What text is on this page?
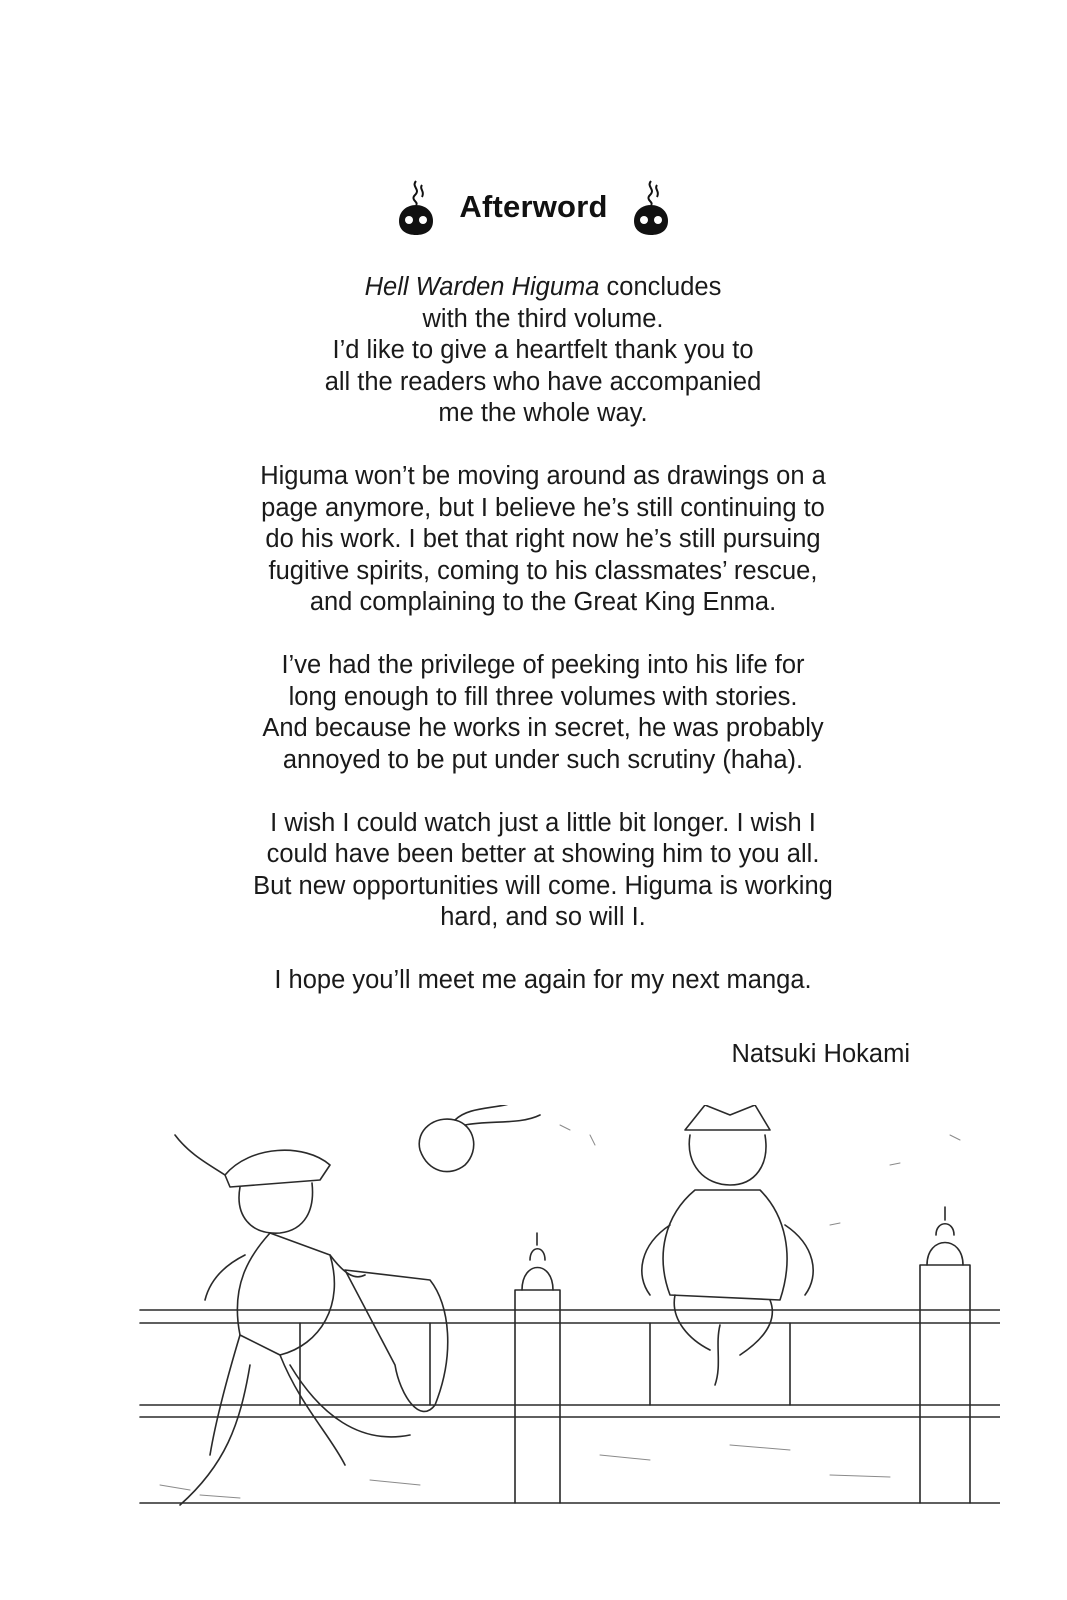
Afterword

Hell Warden Higuma concludes
with the third volume.
I’d like to give a heartfelt thank you to
all the readers who have accompanied
me the whole way.

Higuma won’t be moving around as drawings on a
page anymore, but I believe he’s still continuing to
do his work. I bet that right now he’s still pursuing
fugitive spirits, coming to his classmates’ rescue,
and complaining to the Great King Enma.

I’ve had the privilege of peeking into his life for
long enough to fill three volumes with stories.
And because he works in secret, he was probably
annoyed to be put under such scrutiny (haha).

I wish I could watch just a little bit longer. I wish I
could have been better at showing him to you all.
But new opportunities will come. Higuma is working
hard, and so will I.

I hope you’ll meet me again for my next manga.

Natsuki Hokami
